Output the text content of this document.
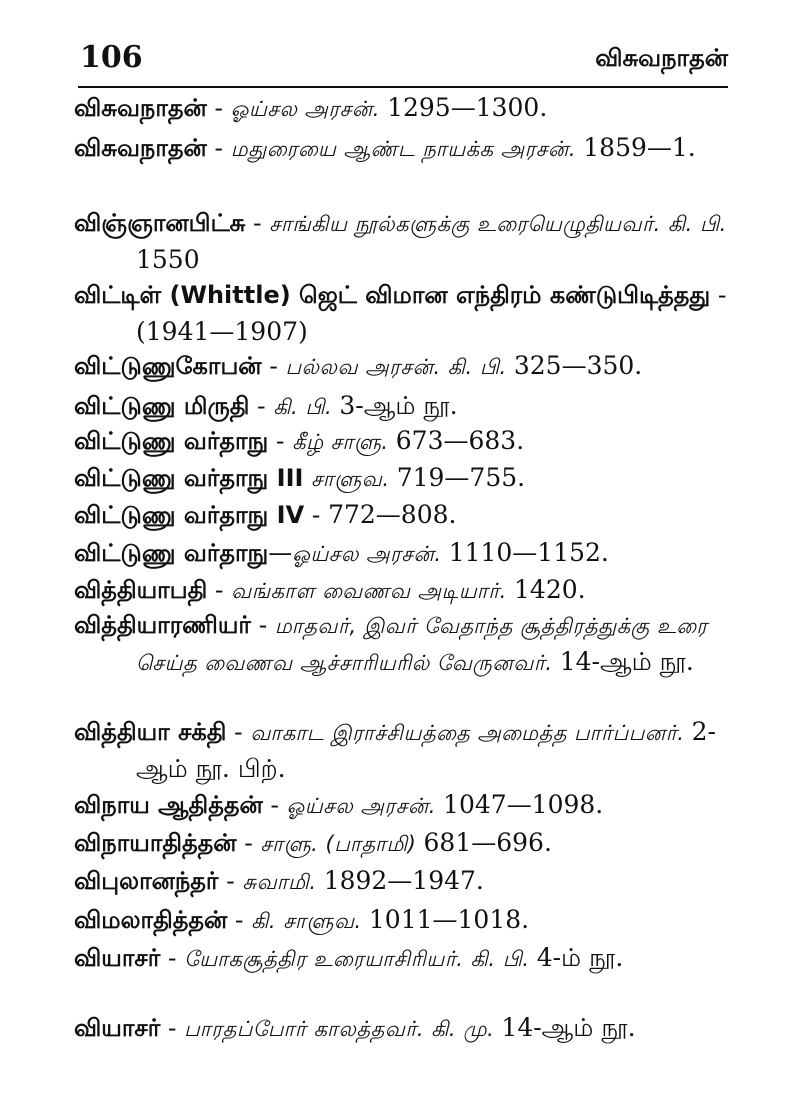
106	விசுவநாதன்
விசுவநாதன் - ஓய்சல அரசன். 1295—1300.
விசுவநாதன் - மதுரையை ஆண்ட நாயக்க அரசன். 1859—1.
விஞ்ஞானபிட்சு - சாங்கிய நூல்களுக்கு உரையெழுதியவர். கி. பி. 1550
விட்டிள் (Whittle) ஜெட் விமான எந்திரம் கண்டுபிடித்தது - (1941—1907)
விட்டுணுகோபன் - பல்லவ அரசன். கி. பி. 325—350.
விட்டுணு மிருதி - கி. பி. 3-ஆம் நூ.
விட்டுணு வர்தாநு - கீழ் சாளு. 673—683.
விட்டுணு வர்தாநு III சாளுவ. 719—755.
விட்டுணு வர்தாநு IV - 772—808.
விட்டுணு வர்தாநு—ஓய்சல அரசன். 1110—1152.
வித்தியாபதி - வங்காள வைணவ அடியார். 1420.
வித்தியாரணியர் - மாதவர், இவர் வேதாந்த சூத்திரத்துக்கு உரை செய்த வைணவ ஆச்சாரியரில் வேருனவர். 14-ஆம் நூ.
வித்தியா சக்தி - வாகாட இராச்சியத்தை அமைத்த பார்ப்பனர். 2-ஆம் நூ. பிற்.
விநாய ஆதித்தன் - ஓய்சல அரசன். 1047—1098.
விநாயாதித்தன் - சாளு. (பாதாமி) 681—696.
விபுலானந்தர் - சுவாமி. 1892—1947.
விமலாதித்தன் - கி. சாளுவ. 1011—1018.
வியாசர் - யோகசூத்திர உரையாசிரியர். கி. பி. 4-ம் நூ.
வியாசர் - பாரதப்போர் காலத்தவர். கி. மு. 14-ஆம் நூ.
